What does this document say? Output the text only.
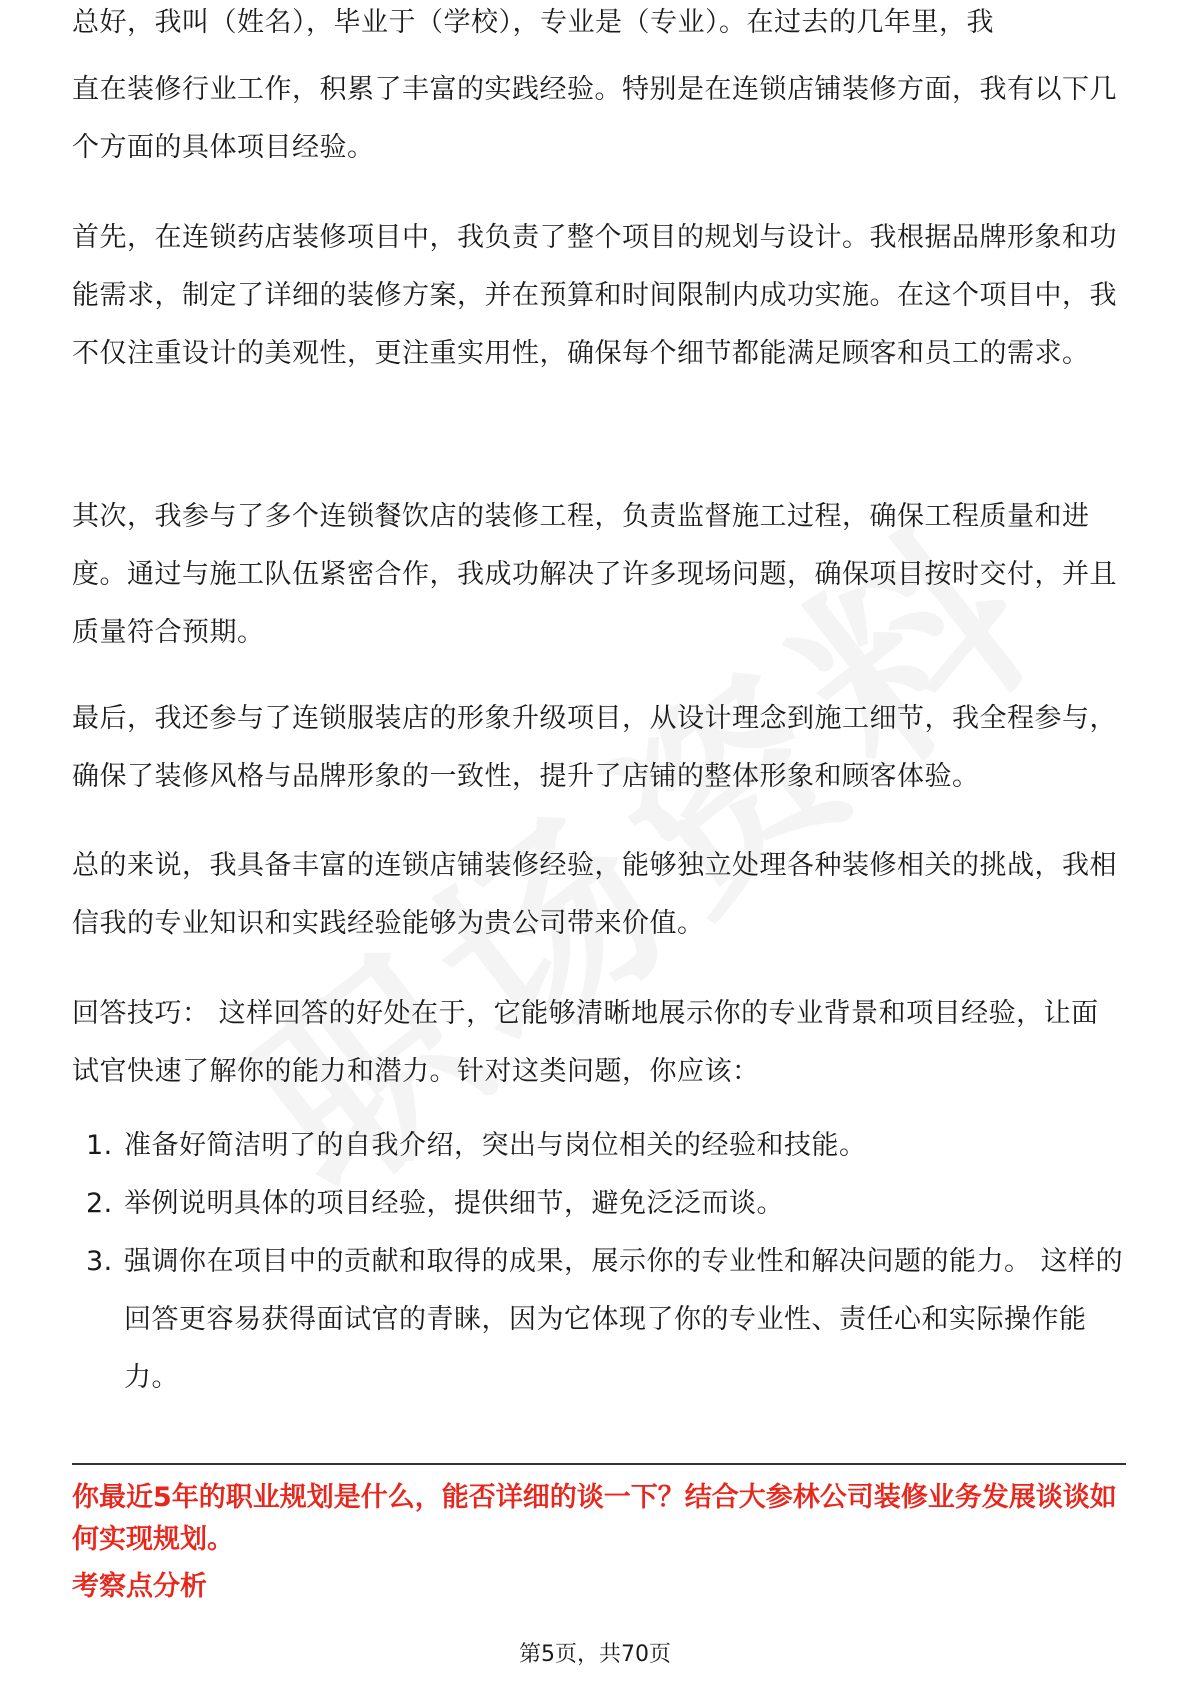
总好，我叫（姓名），毕业于（学校），专业是（专业）。在过去的几年里，我

直在装修行业工作，积累了丰富的实践经验。特别是在连锁店铺装修方面，我有以下几个方面的具体项目经验。

首先，在连锁药店装修项目中，我负责了整个项目的规划与设计。我根据品牌形象和功能需求，制定了详细的装修方案，并在预算和时间限制内成功实施。在这个项目中，我不仅注重设计的美观性，更注重实用性，确保每个细节都能满足顾客和员工的需求。

其次，我参与了多个连锁餐饮店的装修工程，负责监督施工过程，确保工程质量和进度。通过与施工队伍紧密合作，我成功解决了许多现场问题，确保项目按时交付，并且质量符合预期。

最后，我还参与了连锁服装店的形象升级项目，从设计理念到施工细节，我全程参与，确保了装修风格与品牌形象的一致性，提升了店铺的整体形象和顾客体验。

总的来说，我具备丰富的连锁店铺装修经验，能够独立处理各种装修相关的挑战，我相信我的专业知识和实践经验能够为贵公司带来价值。

回答技巧： 这样回答的好处在于，它能够清晰地展示你的专业背景和项目经验，让面试官快速了解你的能力和潜力。针对这类问题，你应该：

1. 准备好简洁明了的自我介绍，突出与岗位相关的经验和技能。
2. 举例说明具体的项目经验，提供细节，避免泛泛而谈。
3. 强调你在项目中的贡献和取得的成果，展示你的专业性和解决问题的能力。 这样的回答更容易获得面试官的青睐，因为它体现了你的专业性、责任心和实际操作能力。

你最近5年的职业规划是什么，能否详细的谈一下？结合大参林公司装修业务发展谈谈如何实现规划。

考察点分析

第5页，共70页
